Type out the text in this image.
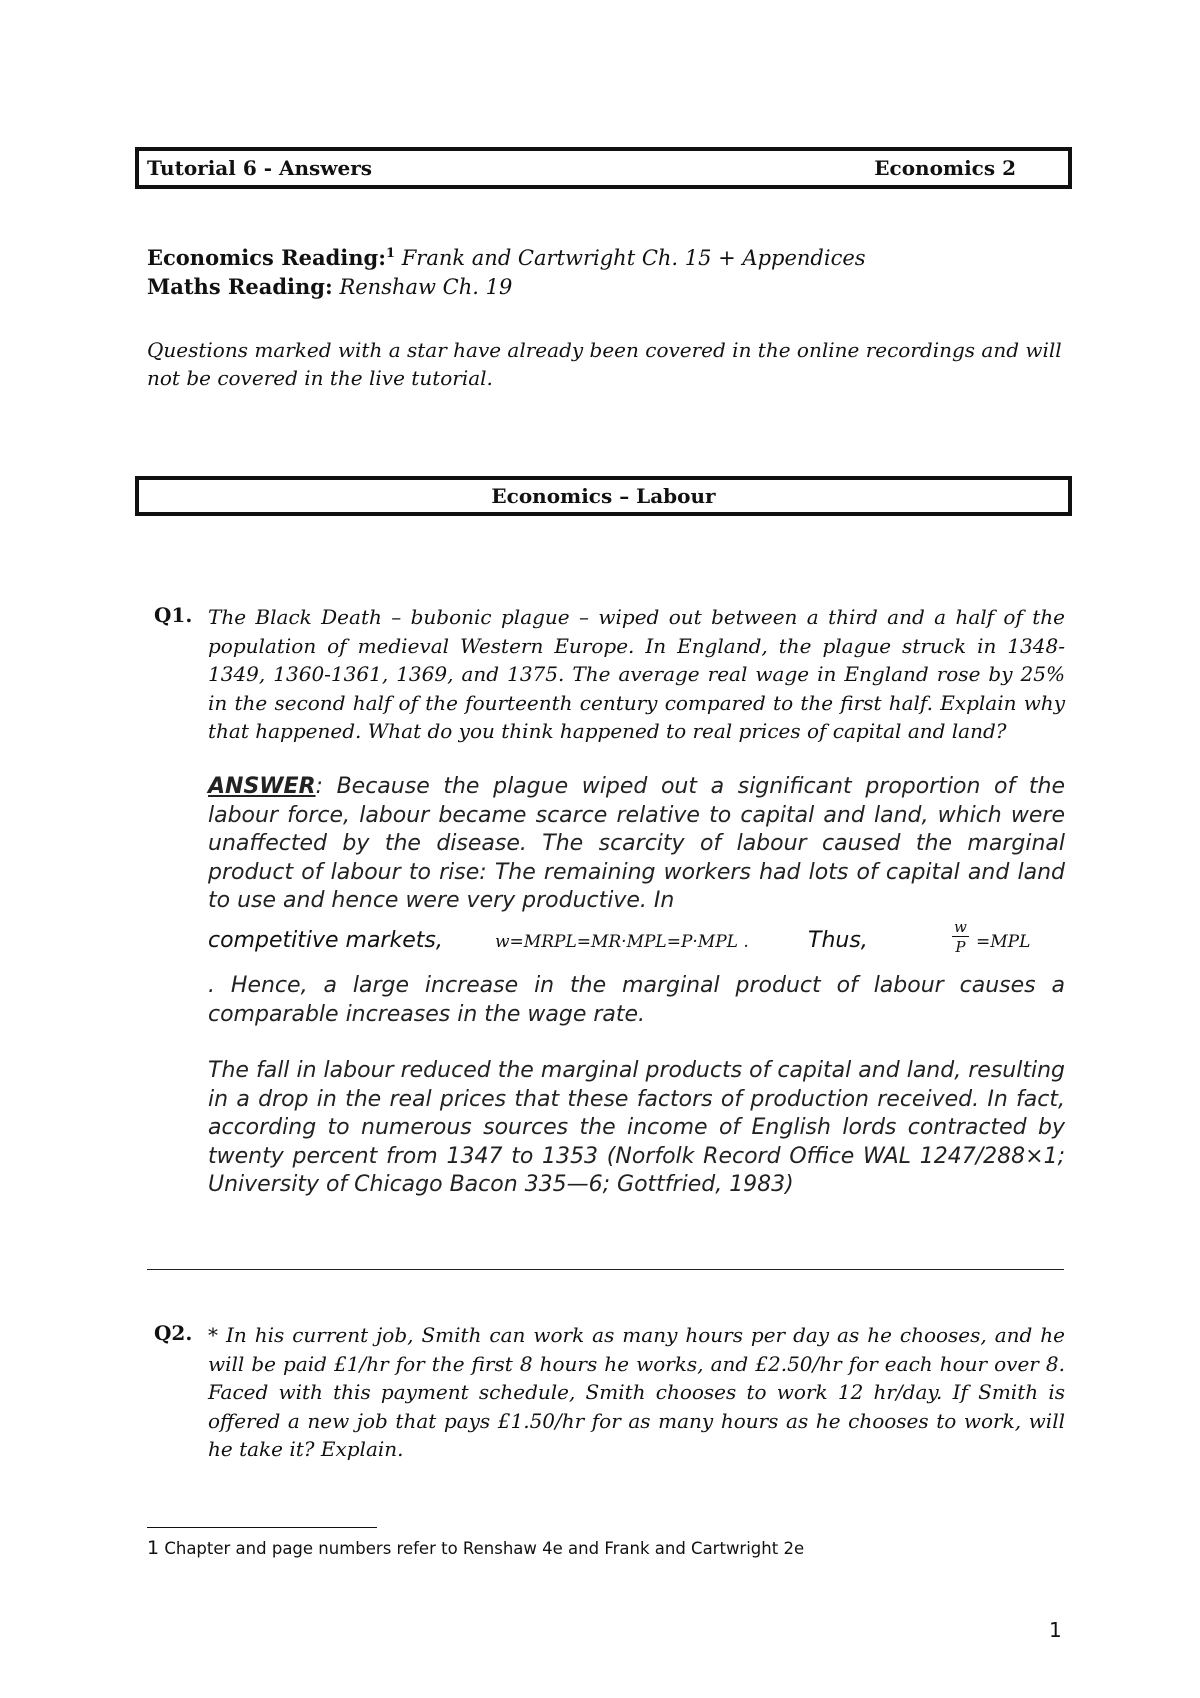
Tutorial 6 - Answers	Economics 2
Economics Reading:$^1$ Frank and Cartwright Ch. 15 + Appendices
Maths Reading: Renshaw Ch. 19
Questions marked with a star have already been covered in the online recordings and will not be covered in the live tutorial.
Economics – Labour
Q1. The Black Death – bubonic plague – wiped out between a third and a half of the population of medieval Western Europe. In England, the plague struck in 1348-1349, 1360-1361, 1369, and 1375. The average real wage in England rose by 25% in the second half of the fourteenth century compared to the first half. Explain why that happened. What do you think happened to real prices of capital and land?
ANSWER: Because the plague wiped out a significant proportion of the labour force, labour became scarce relative to capital and land, which were unaffected by the disease. The scarcity of labour caused the marginal product of labour to rise: The remaining workers had lots of capital and land to use and hence were very productive. In
competitive markets,	w=MRPL=MR·MPL=P·MPL .	Thus,	$\frac{w}{P} =MPL$
. Hence, a large increase in the marginal product of labour causes a comparable increases in the wage rate.
The fall in labour reduced the marginal products of capital and land, resulting in a drop in the real prices that these factors of production received. In fact, according to numerous sources the income of English lords contracted by twenty percent from 1347 to 1353 (Norfolk Record Office WAL 1247/288×1; University of Chicago Bacon 335—6; Gottfried, 1983)
Q2. * In his current job, Smith can work as many hours per day as he chooses, and he will be paid £1/hr for the first 8 hours he works, and £2.50/hr for each hour over 8. Faced with this payment schedule, Smith chooses to work 12 hr/day. If Smith is offered a new job that pays £1.50/hr for as many hours as he chooses to work, will he take it? Explain.
1 Chapter and page numbers refer to Renshaw 4e and Frank and Cartwright 2e
1
